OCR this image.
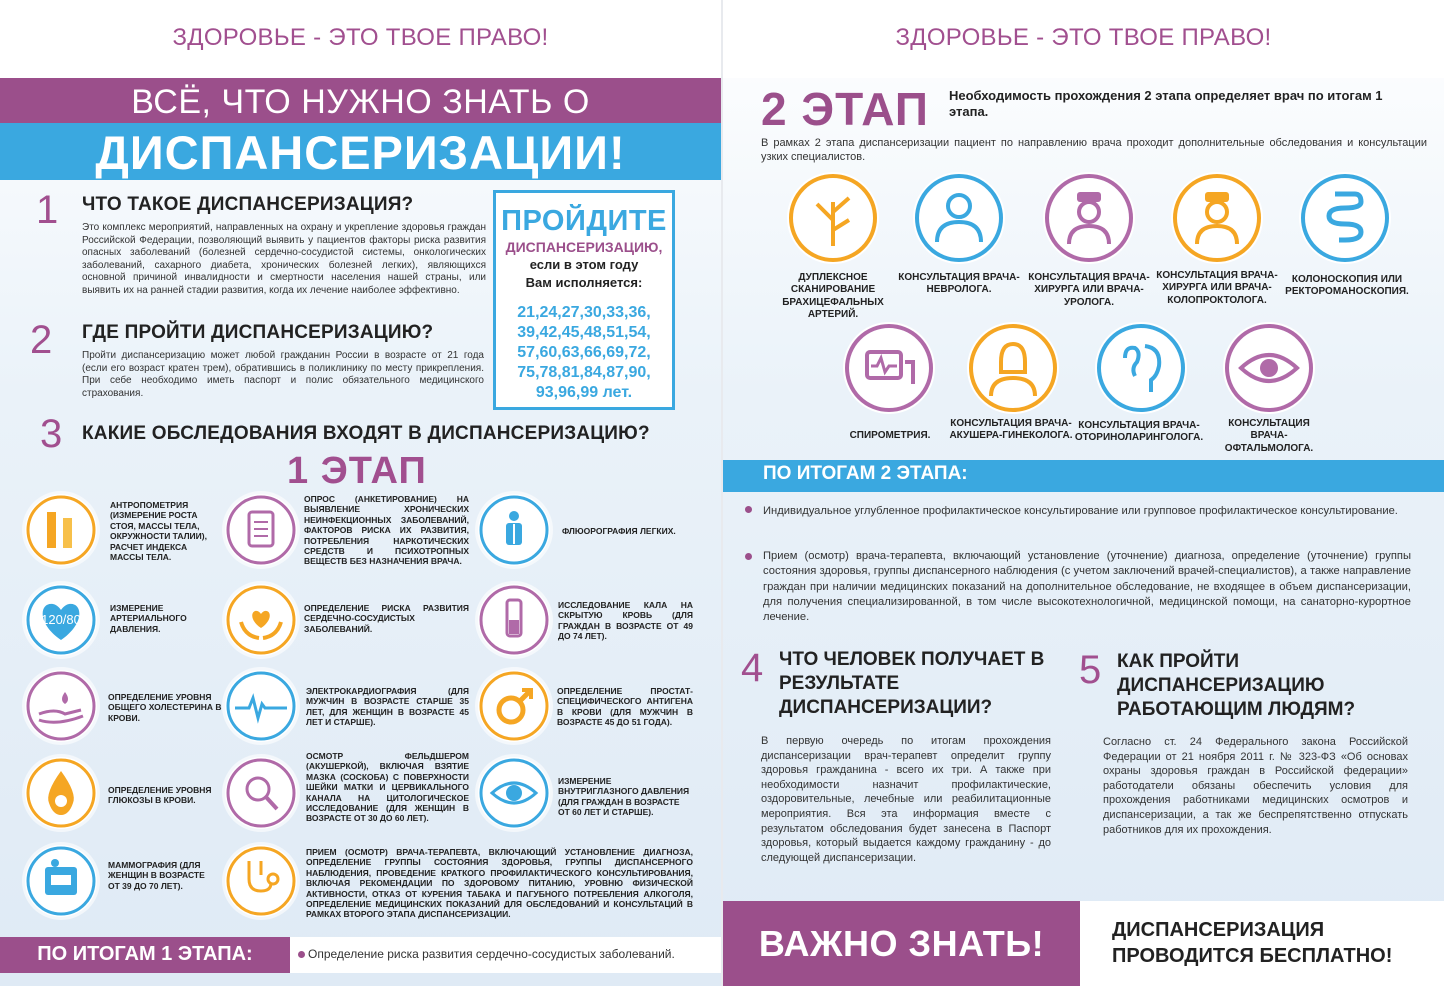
ЗДОРОВЬЕ - ЭТО ТВОЕ ПРАВО!
ВСЁ, ЧТО НУЖНО ЗНАТЬ О
ДИСПАНСЕРИЗАЦИИ!
1 ЧТО ТАКОЕ ДИСПАНСЕРИЗАЦИЯ?
Это комплекс мероприятий, направленных на охрану и укрепление здоровья граждан Российской Федерации, позволяющий выявить у пациентов факторы риска развития опасных заболеваний (болезней сердечно-сосудистой системы, онкологических заболеваний, сахарного диабета, хронических болезней легких), являющихся основной причиной инвалидности и смертности населения нашей страны, или выявить их на ранней стадии развития, когда их лечение наиболее эффективно.
2 ГДЕ ПРОЙТИ ДИСПАНСЕРИЗАЦИЮ?
Пройти диспансеризацию может любой гражданин России в возрасте от 21 года (если его возраст кратен трем), обратившись в поликлинику по месту прикрепления. При себе необходимо иметь паспорт и полис обязательного медицинского страхования.
ПРОЙДИТЕ
ДИСПАНСЕРИЗАЦИЮ,
если в этом году
Вам исполняется:
21,24,27,30,33,36, 39,42,45,48,51,54, 57,60,63,66,69,72, 75,78,81,84,87,90, 93,96,99 лет.
3 КАКИЕ ОБСЛЕДОВАНИЯ ВХОДЯТ В ДИСПАНСЕРИЗАЦИЮ?
1 ЭТАП
АНТРОПОМЕТРИЯ (ИЗМЕРЕНИЕ РОСТА СТОЯ, МАССЫ ТЕЛА, ОКРУЖНОСТИ ТАЛИИ), РАСЧЕТ ИНДЕКСА МАССЫ ТЕЛА.
ОПРОС (АНКЕТИРОВАНИЕ) НА ВЫЯВЛЕНИЕ ХРОНИЧЕСКИХ НЕИНФЕКЦИОННЫХ ЗАБОЛЕВАНИЙ, ФАКТОРОВ РИСКА ИХ РАЗВИТИЯ, ПОТРЕБЛЕНИЯ НАРКОТИЧЕСКИХ СРЕДСТВ И ПСИХОТРОПНЫХ ВЕЩЕСТВ БЕЗ НАЗНАЧЕНИЯ ВРАЧА.
ФЛЮОРОГРАФИЯ ЛЕГКИХ.
120/80
ИЗМЕРЕНИЕ АРТЕРИАЛЬНОГО ДАВЛЕНИЯ.
ОПРЕДЕЛЕНИЕ РИСКА РАЗВИТИЯ СЕРДЕЧНО-СОСУДИСТЫХ ЗАБОЛЕВАНИЙ.
ИССЛЕДОВАНИЕ КАЛА НА СКРЫТУЮ КРОВЬ (ДЛЯ ГРАЖДАН В ВОЗРАСТЕ ОТ 49 ДО 74 ЛЕТ).
ОПРЕДЕЛЕНИЕ УРОВНЯ ОБЩЕГО ХОЛЕСТЕРИНА В КРОВИ.
ЭЛЕКТРОКАРДИОГРАФИЯ (ДЛЯ МУЖЧИН В ВОЗРАСТЕ СТАРШЕ 35 ЛЕТ, ДЛЯ ЖЕНЩИН В ВОЗРАСТЕ 45 ЛЕТ И СТАРШЕ).
ОПРЕДЕЛЕНИЕ ПРОСТАТ-СПЕЦИФИЧЕСКОГО АНТИГЕНА В КРОВИ (ДЛЯ МУЖЧИН В ВОЗРАСТЕ 45 ДО 51 ГОДА).
ОПРЕДЕЛЕНИЕ УРОВНЯ ГЛЮКОЗЫ В КРОВИ.
ОСМОТР ФЕЛЬДШЕРОМ (АКУШЕРКОЙ), ВКЛЮЧАЯ ВЗЯТИЕ МАЗКА (СОСКОБА) С ПОВЕРХНОСТИ ШЕЙКИ МАТКИ И ЦЕРВИКАЛЬНОГО КАНАЛА НА ЦИТОЛОГИЧЕСКОЕ ИССЛЕДОВАНИЕ (ДЛЯ ЖЕНЩИН В ВОЗРАСТЕ ОТ 30 ДО 60 ЛЕТ).
ИЗМЕРЕНИЕ ВНУТРИГЛАЗНОГО ДАВЛЕНИЯ (ДЛЯ ГРАЖДАН В ВОЗРАСТЕ ОТ 60 ЛЕТ И СТАРШЕ).
МАММОГРАФИЯ (ДЛЯ ЖЕНЩИН В ВОЗРАСТЕ ОТ 39 ДО 70 ЛЕТ).
ПРИЕМ (ОСМОТР) ВРАЧА-ТЕРАПЕВТА, ВКЛЮЧАЮЩИЙ УСТАНОВЛЕНИЕ ДИАГНОЗА, ОПРЕДЕЛЕНИЕ ГРУППЫ СОСТОЯНИЯ ЗДОРОВЬЯ, ГРУППЫ ДИСПАНСЕРНОГО НАБЛЮДЕНИЯ, ПРОВЕДЕНИЕ КРАТКОГО ПРОФИЛАКТИЧЕСКОГО КОНСУЛЬТИРОВАНИЯ, ВКЛЮЧАЯ РЕКОМЕНДАЦИИ ПО ЗДОРОВОМУ ПИТАНИЮ, УРОВНЮ ФИЗИЧЕСКОЙ АКТИВНОСТИ, ОТКАЗ ОТ КУРЕНИЯ ТАБАКА И ПАГУБНОГО ПОТРЕБЛЕНИЯ АЛКОГОЛЯ, ОПРЕДЕЛЕНИЕ МЕДИЦИНСКИХ ПОКАЗАНИЙ ДЛЯ ОБСЛЕДОВАНИЙ И КОНСУЛЬТАЦИЙ В РАМКАХ ВТОРОГО ЭТАПА ДИСПАНСЕРИЗАЦИИ.
ПО ИТОГАМ 1 ЭТАПА:	Определение риска развития сердечно-сосудистых заболеваний.
ЗДОРОВЬЕ - ЭТО ТВОЕ ПРАВО!
2 ЭТАП Необходимость прохождения 2 этапа определяет врач по итогам 1 этапа.
В рамках 2 этапа диспансеризации пациент по направлению врача проходит дополнительные обследования и консультации узких специалистов.
ДУПЛЕКСНОЕ СКАНИРОВАНИЕ БРАХИЦЕФАЛЬНЫХ АРТЕРИЙ.
КОНСУЛЬТАЦИЯ ВРАЧА-НЕВРОЛОГА.
КОНСУЛЬТАЦИЯ ВРАЧА-ХИРУРГА ИЛИ ВРАЧА-УРОЛОГА.
КОНСУЛЬТАЦИЯ ВРАЧА-ХИРУРГА ИЛИ ВРАЧА-КОЛОПРОКТОЛОГА.
КОЛОНОСКОПИЯ ИЛИ РЕКТОРОМАНОСКОПИЯ.
СПИРОМЕТРИЯ.
КОНСУЛЬТАЦИЯ ВРАЧА-АКУШЕРА-ГИНЕКОЛОГА.
КОНСУЛЬТАЦИЯ ВРАЧА-ОТОРИНОЛАРИНГОЛОГА.
КОНСУЛЬТАЦИЯ ВРАЧА-ОФТАЛЬМОЛОГА.
ПО ИТОГАМ 2 ЭТАПА:
Индивидуальное углубленное профилактическое консультирование или групповое профилактическое консультирование.
Прием (осмотр) врача-терапевта, включающий установление (уточнение) диагноза, определение (уточнение) группы состояния здоровья, группы диспансерного наблюдения (с учетом заключений врачей-специалистов), а также направление граждан при наличии медицинских показаний на дополнительное обследование, не входящее в объем диспансеризации, для получения специализированной, в том числе высокотехнологичной, медицинской помощи, на санаторно-курортное лечение.
4 ЧТО ЧЕЛОВЕК ПОЛУЧАЕТ В РЕЗУЛЬТАТЕ ДИСПАНСЕРИЗАЦИИ?
В первую очередь по итогам прохождения диспансеризации врач-терапевт определит группу здоровья гражданина - всего их три. А также при необходимости назначит профилактические, оздоровительные, лечебные или реабилитационные мероприятия. Вся эта информация вместе с результатом обследования будет занесена в Паспорт здоровья, который выдается каждому гражданину - до следующей диспансеризации.
5 КАК ПРОЙТИ ДИСПАНСЕРИЗАЦИЮ РАБОТАЮЩИМ ЛЮДЯМ?
Согласно ст. 24 Федерального закона Российской Федерации от 21 ноября 2011 г. № 323-ФЗ «Об основах охраны здоровья граждан в Российской федерации» работодатели обязаны обеспечить условия для прохождения работниками медицинских осмотров и диспансеризации, а так же беспрепятственно отпускать работников для их прохождения.
ВАЖНО ЗНАТЬ!	ДИСПАНСЕРИЗАЦИЯ ПРОВОДИТСЯ БЕСПЛАТНО!
